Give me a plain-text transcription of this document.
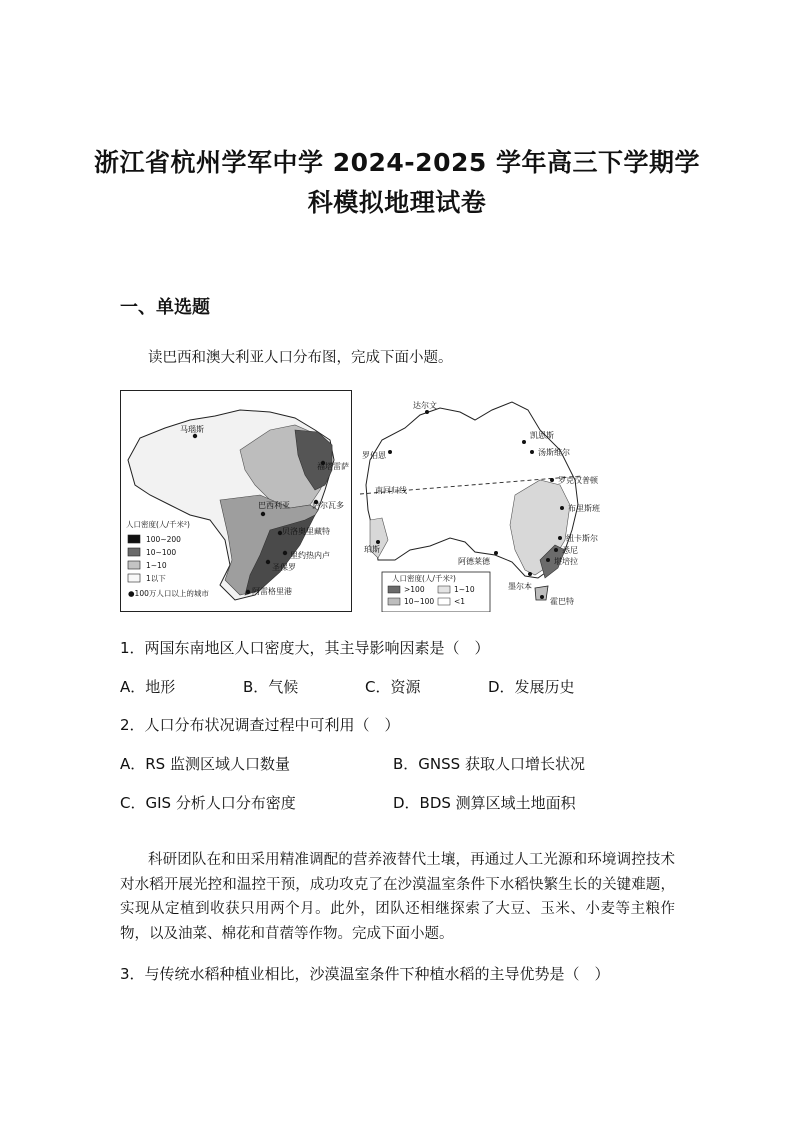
浙江省杭州学军中学 2024-2025 学年高三下学期学
科模拟地理试卷
一、单选题
读巴西和澳大利亚人口分布图，完成下面小题。
马瑙斯
福塔雷萨
萨尔瓦多
巴西利亚
贝洛奥里藏特
里约热内卢
圣保罗
阿雷格里港
人口密度(人/千米²)
100~200
10~100
1~10
1以下
●100万人口以上的城市
南回归线
达尔文
凯恩斯
汤斯维尔
罗克汉普顿
布里斯班
纽卡斯尔
悉尼
堪培拉
墨尔本
阿德莱德
珀斯
霍巴特
罗伯恩
人口密度(人/千米²)
>100	1~10
10~100	<1
1．两国东南地区人口密度大，其主导影响因素是（　）
A．地形	B．气候	C．资源	D．发展历史
2．人口分布状况调查过程中可利用（　）
A．RS 监测区域人口数量	B．GNSS 获取人口增长状况
C．GIS 分析人口分布密度	D．BDS 测算区域土地面积
科研团队在和田采用精准调配的营养液替代土壤，再通过人工光源和环境调控技术对水稻开展光控和温控干预，成功攻克了在沙漠温室条件下水稻快繁生长的关键难题，实现从定植到收获只用两个月。此外，团队还相继探索了大豆、玉米、小麦等主粮作物，以及油菜、棉花和苜蓿等作物。完成下面小题。
3．与传统水稻种植业相比，沙漠温室条件下种植水稻的主导优势是（　）
